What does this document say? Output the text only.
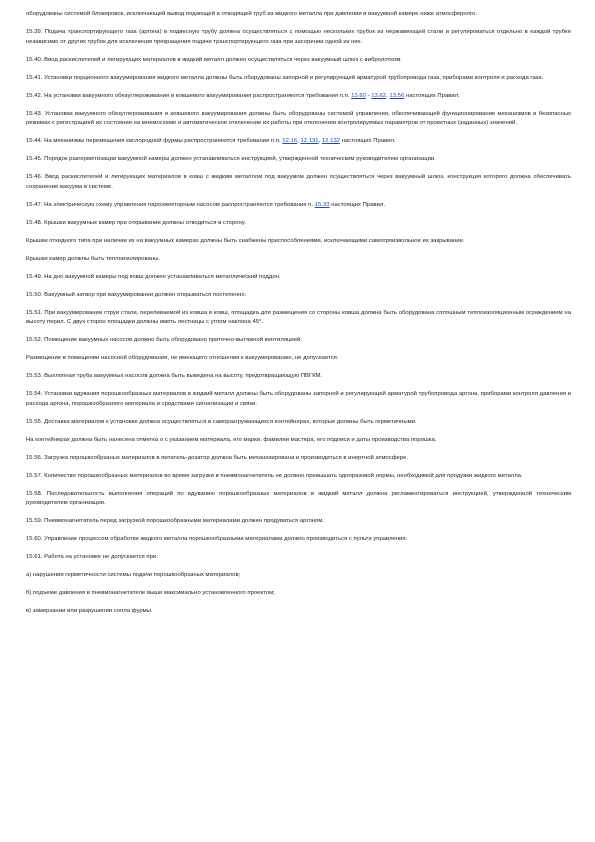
оборудованы системой блокировок, исключающей вывод подающей и отводящей труб из жидкого металла при давлении в вакуумной камере ниже атмосферного.

15.39. Подача транспортирующего газа (аргона) в подвесную трубу должна осуществляться с помощью нескольких трубок из нержавеющей стали и регулироваться отдельно в каждой трубке независимо от других трубок для исключения прекращения подачи транспортирующего газа при засорении одной из них.

15.40. Ввод раскислителей и легирующих материалов в жидкий металл должен осуществляться через вакуумный шлюз с вибролотком.

15.41. Установки порционного вакуумирования жидкого металла должны быть оборудованы запорной и регулирующей арматурой трубопровода газа, приборами контроля и расхода газа.

15.42. На установки вакуумного обезуглероживания и ковшевого вакуумирования распространяются требования п.п. 13.60 - 13.62, 13.56 настоящих Правил.

15.43. Установки вакуумного обезуглероживания и ковшевого вакуумирования должны быть оборудованы системой управления, обеспечивающей функционирование механизмов в безопасных режимах с регистрацией их состояния на мнемосхеме и автоматическое отключение их работы при отклонении контролируемых параметров от проектных (заданных) значений.

15.44. На механизмы перемещения кислородной фурмы распространяются требования п.п. 12.16, 12.131, 12.132 настоящих Правил.

15.45. Порядок разгерметизации вакуумной камеры должен устанавливаться инструкцией, утвержденной техническим руководителем организации.

15.46. Ввод раскислителей и легирующих материалов в ковш с жидким металлом под вакуумом должен осуществляться через вакуумный шлюз, конструкция которого должна обеспечивать сохранение вакуума в системе.

15.47. На электрическую схему управления пароэжекторным насосом распространяются требования п. 15.33 настоящих Правил.

15.48. Крышки вакуумных камер при открывании должны отводиться в сторону.

Крышки откидного типа при наличии их на вакуумных камерах должны быть снабжены приспособлениями, исключающими самопроизвольное их закрывание.

Крышки камер должны быть теплоизолированы.

15.49. На дно вакуумной камеры под ковш должен устанавливаться металлический поддон.

15.50. Вакуумный затвор при вакуумировании должен открываться постепенно.

15.51. При вакуумировании струи стали, переливаемой из ковша в ковш, площадка для размещения со стороны ковша должна быть оборудована сплошным теплоизоляционным ограждением на высоту перил. С двух сторон площадки должны иметь лестницы с углом наклона 45°.

15.52. Помещение вакуумных насосов должно быть оборудовано приточно-вытяжной вентиляцией.

Размещение в помещении насосной оборудования, не имеющего отношения к вакуумированию, не допускается.

15.53. Выхлопная труба вакуумных насосов должна быть выведена на высоту, предотвращающую ПВГКМ.

15.54. Установки вдувания порошкообразных материалов в жидкий металл должны быть оборудованы запорной и регулирующей арматурой трубопровода аргона, приборами контроля давления и расхода аргона, порошкообразного материала и средствами сигнализации и связи.

15.55. Доставка материалов к установке должна осуществляться в саморазгружающихся контейнерах, которые должны быть герметичными.

На контейнерах должна быть нанесена отметка о с указанием материала, его марки, фамилии мастера, его подписи и даты производства порошка.

15.56. Загрузка порошкообразных материалов в питатель-дозатор должна быть механизирована и производиться в инертной атмосфере.

15.57. Количество порошкообразных материалов во время загрузки в пневмонагнетатель не должно превышать одноразовой нормы, необходимой для продувки жидкого металла.

15.58. Последовательность выполнения операций по вдуванию порошкообразных материалов в жидкий металл должна регламентироваться инструкцией, утвержденной техническим руководителем организации.

15.59. Пневмонагнетатель перед загрузкой порошкообразными материалами должен продуваться аргоном.

15.60. Управление процессом обработки жидкого металла порошкообразными материалами должно производиться с пульта управления.

15.61. Работа на установке не допускается при:

а) нарушении герметичности системы подачи порошкообразных материалов;

б) подъеме давления в пневмонагнетателе выше максимально установленного проектом;

в) замерзании или разрушении сопла фурмы.
